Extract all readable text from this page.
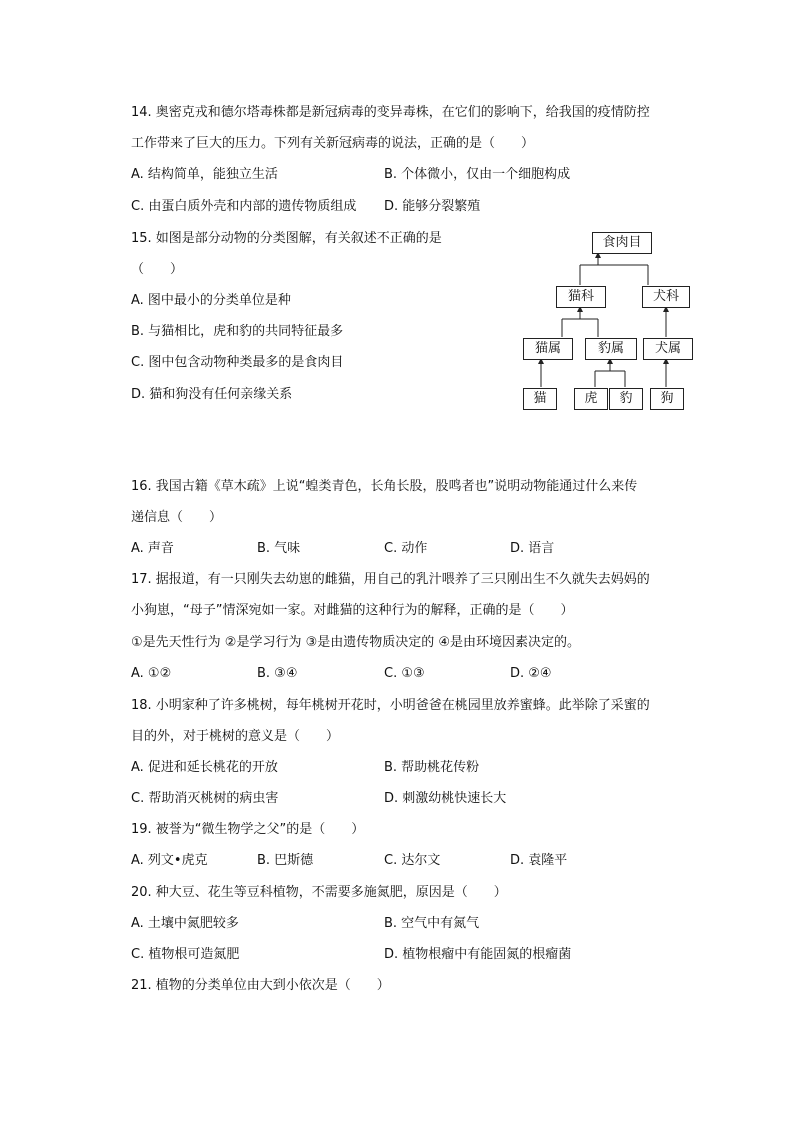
14. 奥密克戎和德尔塔毒株都是新冠病毒的变异毒株，在它们的影响下，给我国的疫情防控
工作带来了巨大的压力。下列有关新冠病毒的说法，正确的是（　　）
A. 结构简单，能独立生活	B. 个体微小，仅由一个细胞构成
C. 由蛋白质外壳和内部的遗传物质组成 D. 能够分裂繁殖
15. 如图是部分动物的分类图解，有关叙述不正确的是
（　　）
A. 图中最小的分类单位是种
B. 与猫相比，虎和豹的共同特征最多
C. 图中包含动物种类最多的是食肉目
D. 猫和狗没有任何亲缘关系
食肉目
猫科	犬科
猫属	豹属	犬属
猫	虎	豹	狗
16. 我国古籍《草木疏》上说“蝗类青色，长角长股，股鸣者也”说明动物能通过什么来传
递信息（　　）
A. 声音	B. 气味	C. 动作	D. 语言
17. 据报道，有一只刚失去幼崽的雌猫，用自己的乳汁喂养了三只刚出生不久就失去妈妈的
小狗崽，“母子”情深宛如一家。对雌猫的这种行为的解释，正确的是（　　）
①是先天性行为 ②是学习行为 ③是由遗传物质决定的 ④是由环境因素决定的。
A. ①②	B. ③④	C. ①③	D. ②④
18. 小明家种了许多桃树，每年桃树开花时，小明爸爸在桃园里放养蜜蜂。此举除了采蜜的
目的外，对于桃树的意义是（　　）
A. 促进和延长桃花的开放	B. 帮助桃花传粉
C. 帮助消灭桃树的病虫害	D. 刺激幼桃快速长大
19. 被誉为“微生物学之父”的是（　　）
A. 列文•虎克	B. 巴斯德	C. 达尔文	D. 袁隆平
20. 种大豆、花生等豆科植物，不需要多施氮肥，原因是（　　）
A. 土壤中氮肥较多	B. 空气中有氮气
C. 植物根可造氮肥	D. 植物根瘤中有能固氮的根瘤菌
21. 植物的分类单位由大到小依次是（　　）
